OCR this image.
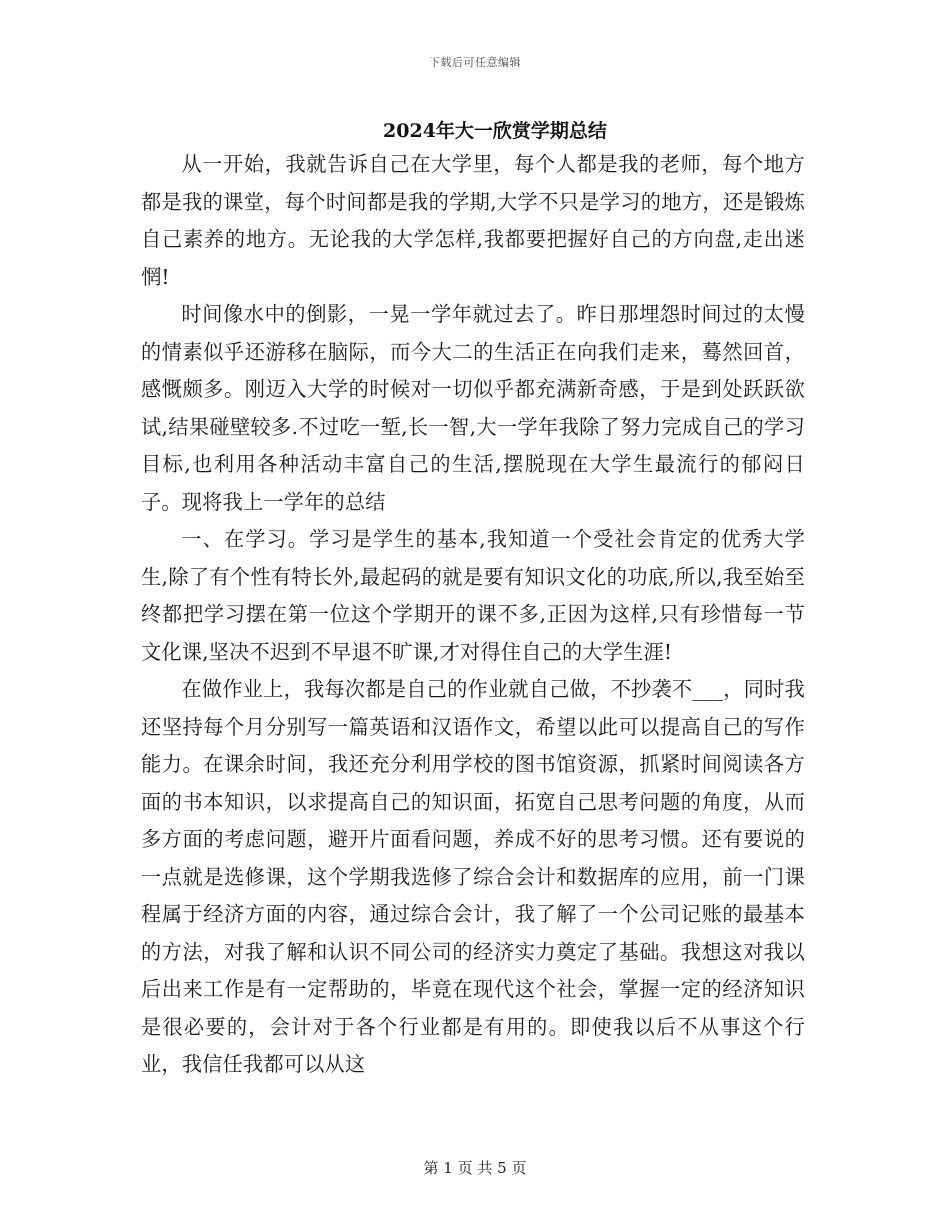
下载后可任意编辑
2024年大一欣赏学期总结

从一开始，我就告诉自己在大学里，每个人都是我的老师，每个地方都是我的课堂，每个时间都是我的学期,大学不只是学习的地方，还是锻炼自己素养的地方。无论我的大学怎样,我都要把握好自己的方向盘,走出迷惘!

时间像水中的倒影，一晃一学年就过去了。昨日那埋怨时间过的太慢的情素似乎还游移在脑际，而今大二的生活正在向我们走来，蓦然回首，感慨颇多。刚迈入大学的时候对一切似乎都充满新奇感，于是到处跃跃欲试,结果碰壁较多.不过吃一堑,长一智,大一学年我除了努力完成自己的学习目标,也利用各种活动丰富自己的生活,摆脱现在大学生最流行的郁闷日子。现将我上一学年的总结

一、在学习。学习是学生的基本,我知道一个受社会肯定的优秀大学生,除了有个性有特长外,最起码的就是要有知识文化的功底,所以,我至始至终都把学习摆在第一位这个学期开的课不多,正因为这样,只有珍惜每一节文化课,坚决不迟到不早退不旷课,才对得住自己的大学生涯!

在做作业上，我每次都是自己的作业就自己做，不抄袭不___，同时我还坚持每个月分别写一篇英语和汉语作文，希望以此可以提高自己的写作能力。在课余时间，我还充分利用学校的图书馆资源，抓紧时间阅读各方面的书本知识，以求提高自己的知识面，拓宽自己思考问题的角度，从而多方面的考虑问题，避开片面看问题，养成不好的思考习惯。还有要说的一点就是选修课，这个学期我选修了综合会计和数据库的应用，前一门课程属于经济方面的内容，通过综合会计，我了解了一个公司记账的最基本的方法，对我了解和认识不同公司的经济实力奠定了基础。我想这对我以后出来工作是有一定帮助的，毕竟在现代这个社会，掌握一定的经济知识是很必要的，会计对于各个行业都是有用的。即使我以后不从事这个行业，我信任我都可以从这

第 1 页 共 5 页
